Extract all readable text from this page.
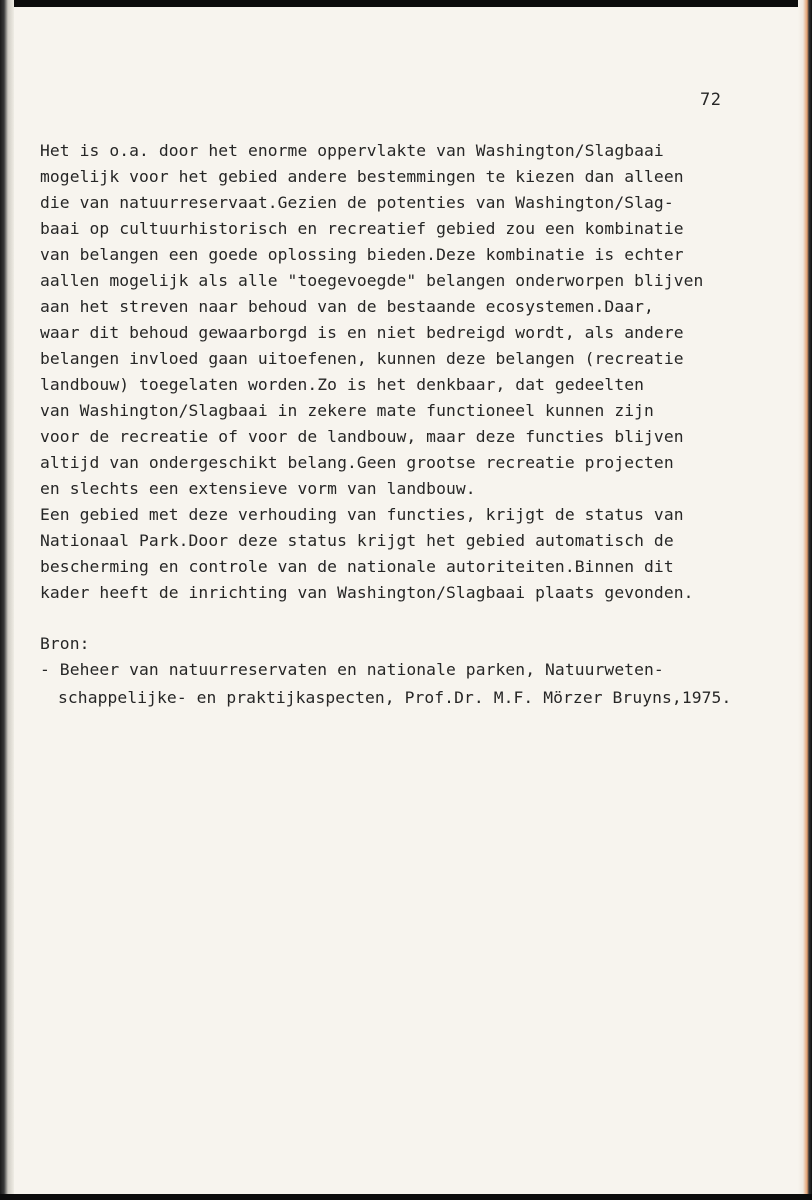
72
Het is o.a. door het enorme oppervlakte van Washington/Slagbaai
mogelijk voor het gebied andere bestemmingen te kiezen dan alleen
die van natuurreservaat.Gezien de potenties van Washington/Slag-
baai op cultuurhistorisch en recreatief gebied zou een kombinatie
van belangen een goede oplossing bieden.Deze kombinatie is echter
aallen mogelijk als alle "toegevoegde" belangen onderworpen blijven
aan het streven naar behoud van de bestaande ecosystemen.Daar,
waar dit behoud gewaarborgd is en niet bedreigd wordt, als andere
belangen invloed gaan uitoefenen, kunnen deze belangen (recreatie
landbouw) toegelaten worden.Zo is het denkbaar, dat gedeelten
van Washington/Slagbaai in zekere mate functioneel kunnen zijn
voor de recreatie of voor de landbouw, maar deze functies blijven
altijd van ondergeschikt belang.Geen grootse recreatie projecten
en slechts een extensieve vorm van landbouw.
Een gebied met deze verhouding van functies, krijgt de status van
Nationaal Park.Door deze status krijgt het gebied automatisch de
bescherming en controle van de nationale autoriteiten.Binnen dit
kader heeft de inrichting van Washington/Slagbaai plaats gevonden.
Bron:
- Beheer van natuurreservaten en nationale parken, Natuurweten-
schappelijke- en praktijkaspecten, Prof.Dr. M.F. Mörzer Bruyns,1975.
